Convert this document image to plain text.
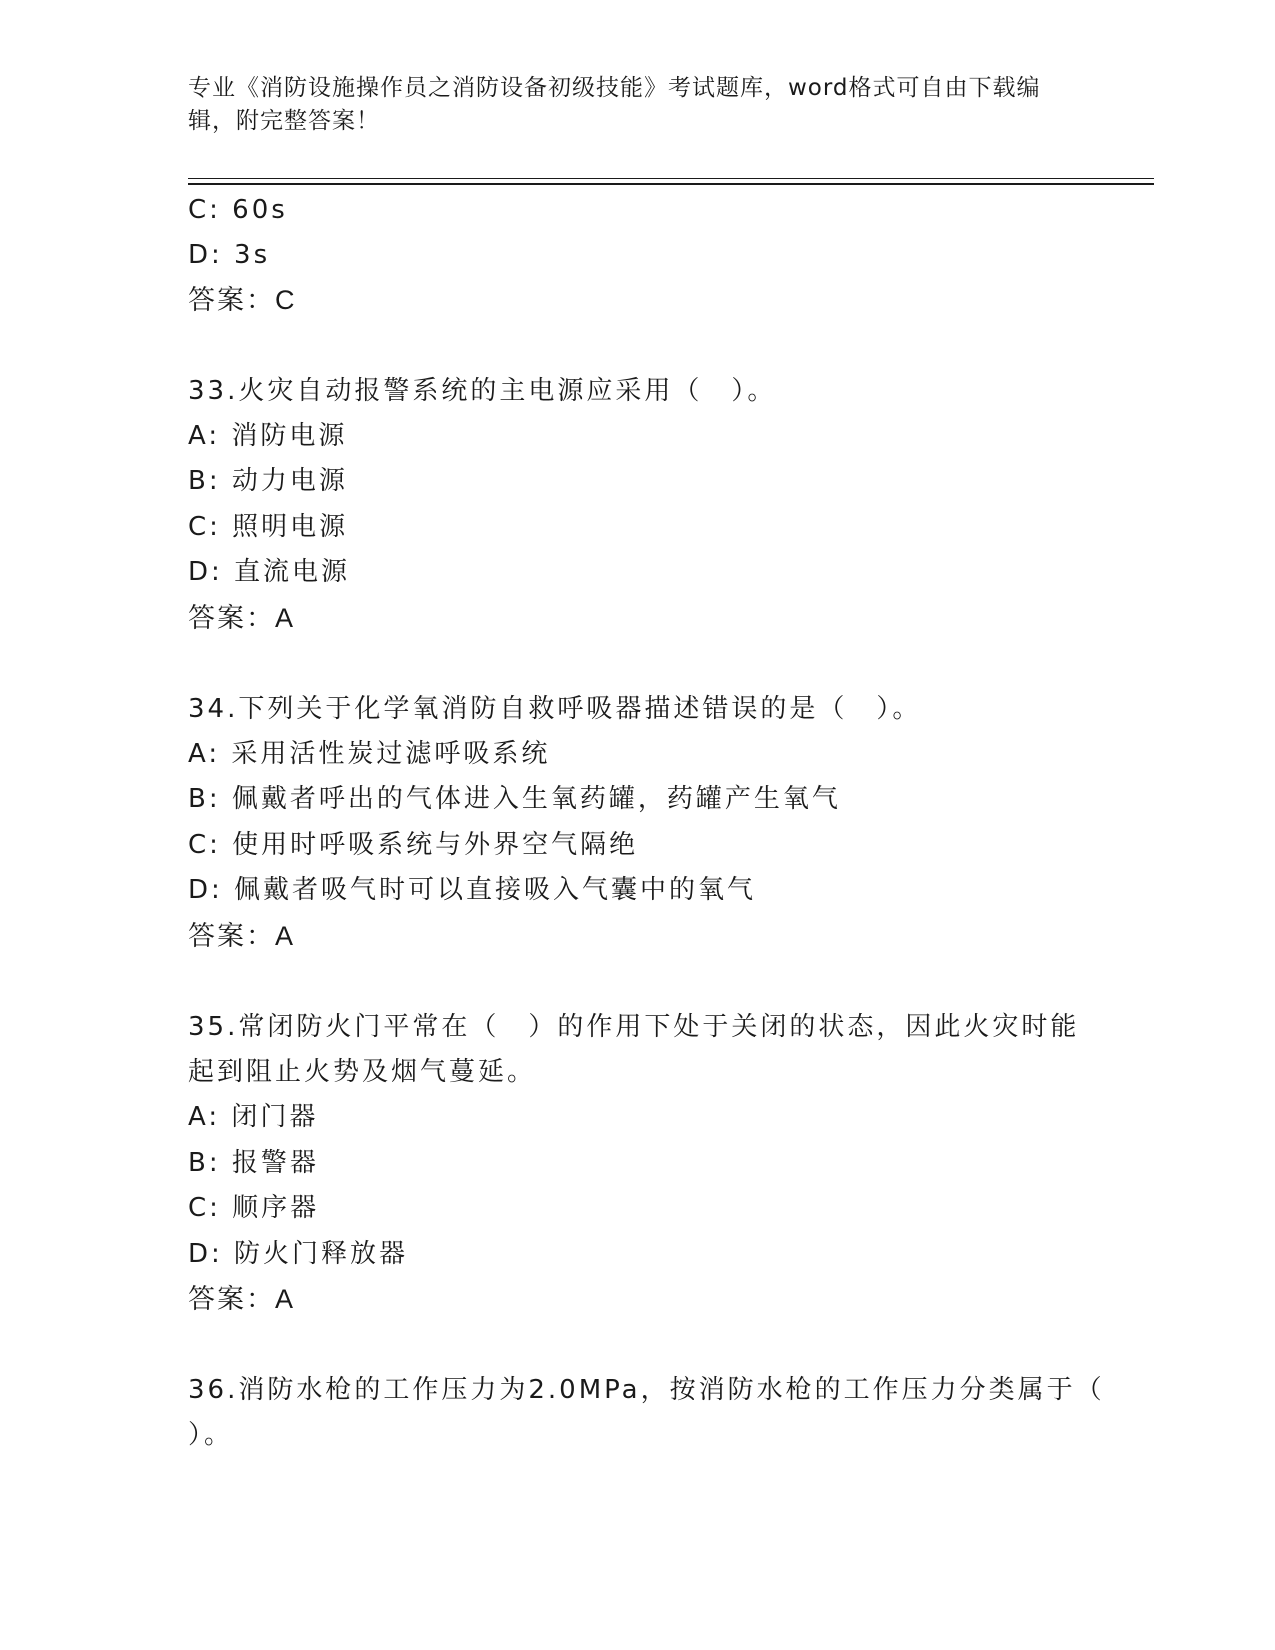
专业《消防设施操作员之消防设备初级技能》考试题库，word格式可自由下载编辑，附完整答案！
C: 60s
D: 3s
答案：C
33.火灾自动报警系统的主电源应采用（　）。
A: 消防电源
B: 动力电源
C: 照明电源
D: 直流电源
答案：A
34.下列关于化学氧消防自救呼吸器描述错误的是（　）。
A: 采用活性炭过滤呼吸系统
B: 佩戴者呼出的气体进入生氧药罐，药罐产生氧气
C: 使用时呼吸系统与外界空气隔绝
D: 佩戴者吸气时可以直接吸入气囊中的氧气
答案：A
35.常闭防火门平常在（　）的作用下处于关闭的状态，因此火灾时能
起到阻止火势及烟气蔓延。
A: 闭门器
B: 报警器
C: 顺序器
D: 防火门释放器
答案：A
36.消防水枪的工作压力为2.0MPa，按消防水枪的工作压力分类属于（
）。
